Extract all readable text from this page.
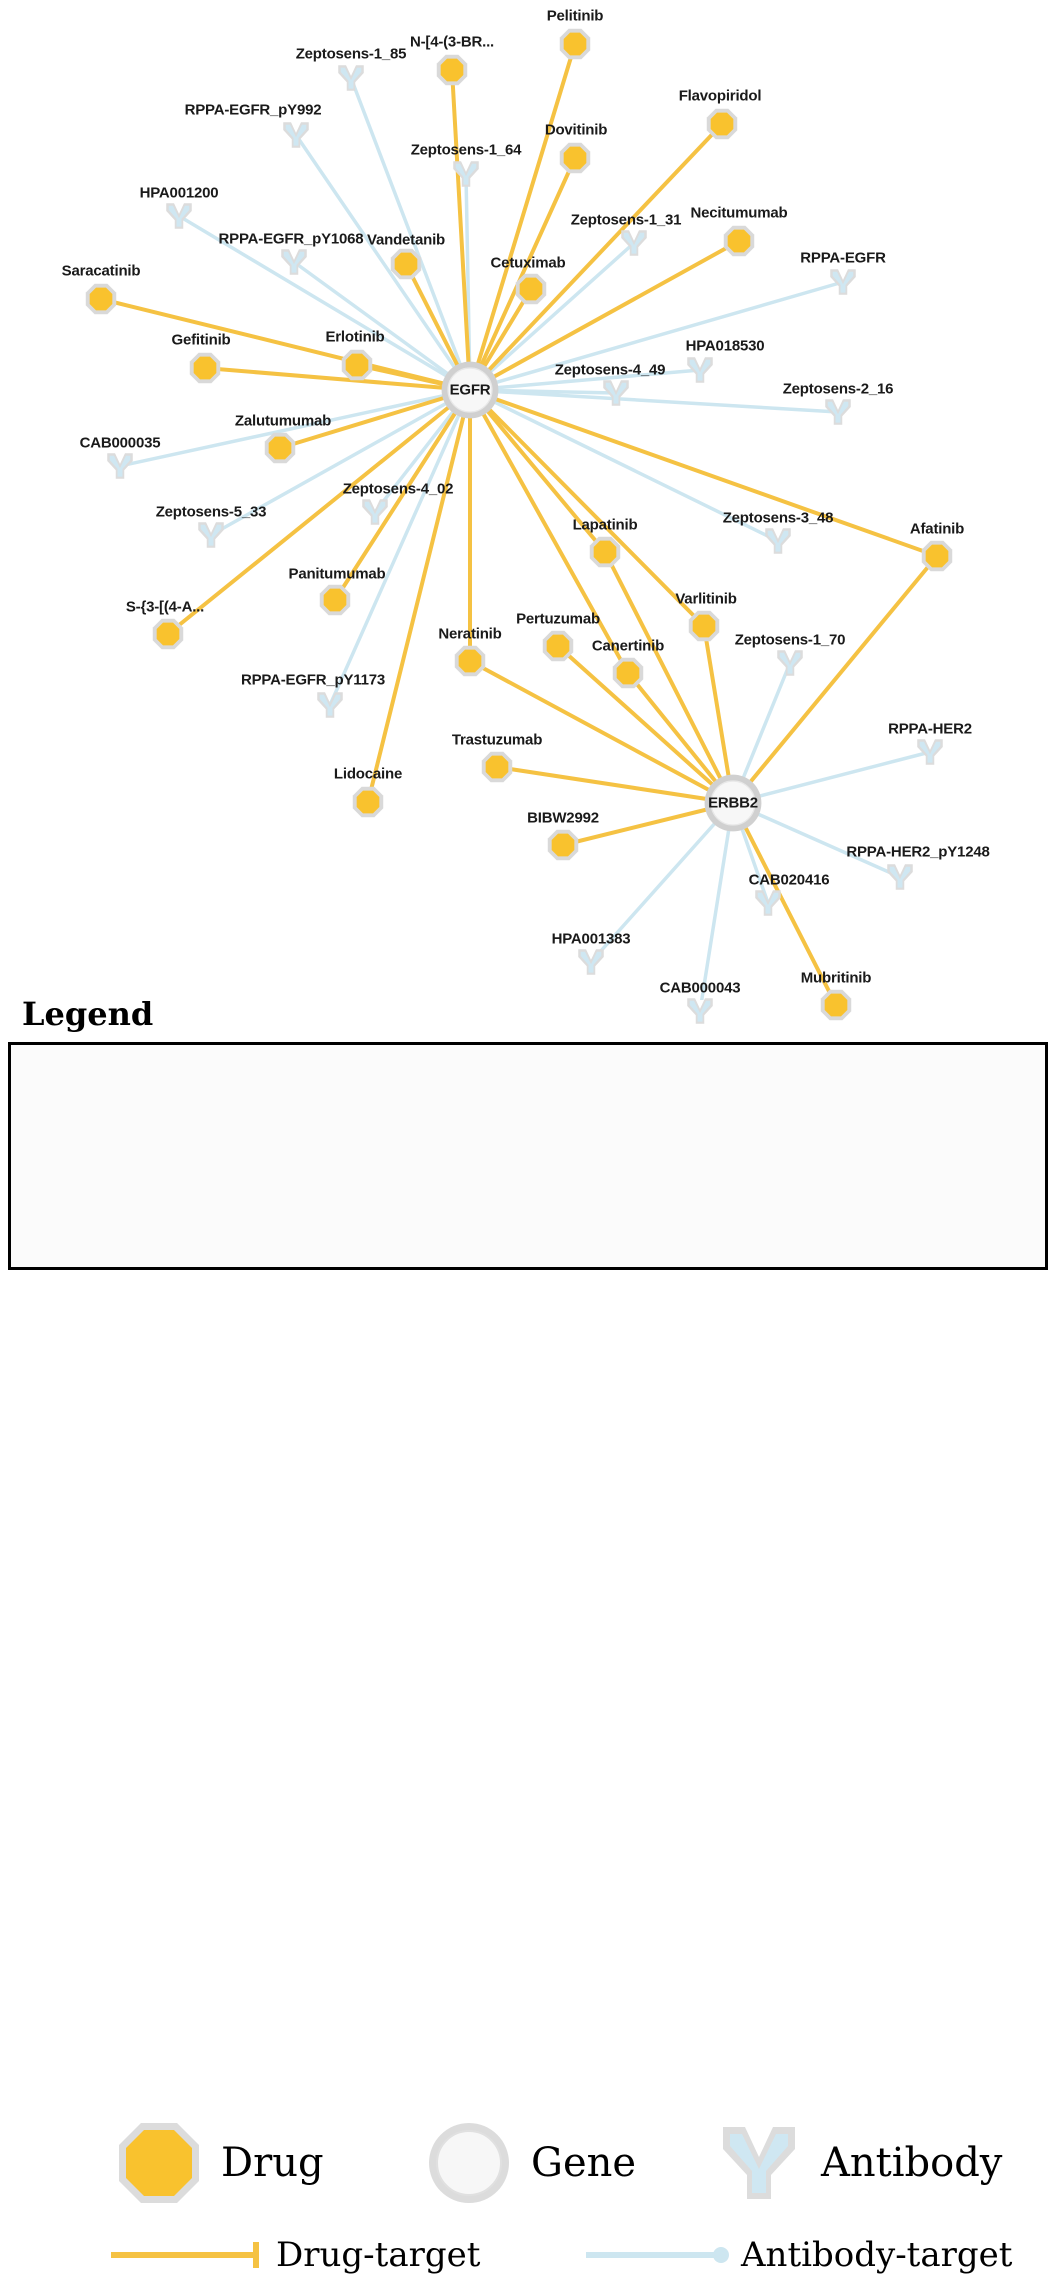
Zeptosens-1_85
RPPA-EGFR_pY992
Zeptosens-1_64
HPA001200
Zeptosens-1_31
RPPA-EGFR_pY1068
RPPA-EGFR
HPA018530
Zeptosens-4_49
Zeptosens-2_16
CAB000035
Zeptosens-4_02
Zeptosens-5_33	Zeptosens-3_48
RPPA-EGFR_pY1173
Zeptosens-1_70
RPPA-HER2
RPPA-HER2_pY1248
CAB020416
HPA001383
CAB000043
Pelitinib
N-[4-(3-BR...
Flavopiridol
Dovitinib
Vandetanib
Necitumumab
Cetuximab
Saracatinib
Gefitinib	Erlotinib
Zalutumumab
Panitumumab
S-{3-[(4-A...
Lidocaine
Lapatinib
Varlitinib
Afatinib
Pertuzumab
Neratinib
Canertinib
Trastuzumab
BIBW2992
Mubritinib
EGFR
ERBB2
Legend
Drug	Gene	Antibody
Drug-target	Antibody-target
